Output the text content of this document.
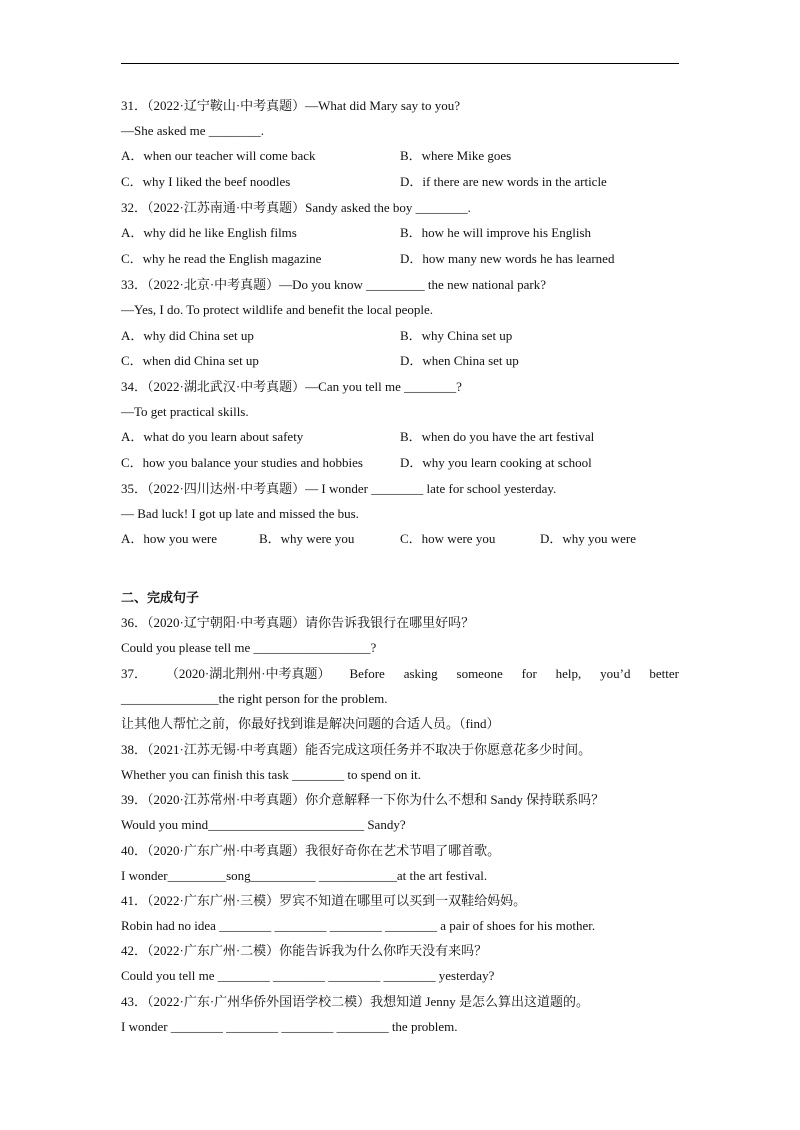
31．（2022·辽宁鞍山·中考真题）—What did Mary say to you?
—She asked me ________.
A．when our teacher will come back	B．where Mike goes
C．why I liked the beef noodles	D．if there are new words in the article
32．（2022·江苏南通·中考真题）Sandy asked the boy ________.
A．why did he like English films	B．how he will improve his English
C．why he read the English magazine	D．how many new words he has learned
33．（2022·北京·中考真题）—Do you know _________ the new national park?
—Yes, I do. To protect wildlife and benefit the local people.
A．why did China set up	B．why China set up
C．when did China set up	D．when China set up
34．（2022·湖北武汉·中考真题）—Can you tell me ________?
—To get practical skills.
A．what do you learn about safety	B．when do you have the art festival
C．how you balance your studies and hobbies	D．why you learn cooking at school
35．（2022·四川达州·中考真题）— I wonder ________ late for school yesterday.
— Bad luck! I got up late and missed the bus.
A．how you were	B．why were you	C．how were you	D．why you were
二、完成句子
36．（2020·辽宁朝阳·中考真题）请你告诉我银行在哪里好吗？
Could you please tell me __________________?
37． （2020·湖北荆州·中考真题） Before asking someone for help, you’d better
_______________the right person for the problem.
让其他人帮忙之前，你最好找到谁是解决问题的合适人员。（find）
38．（2021·江苏无锡·中考真题）能否完成这项任务并不取决于你愿意花多少时间。
Whether you can finish this task ________ to spend on it.
39．（2020·江苏常州·中考真题）你介意解释一下你为什么不想和 Sandy 保持联系吗？
Would you mind________________________ Sandy?
40．（2020·广东广州·中考真题）我很好奇你在艺术节唱了哪首歌。
I wonder_________song__________ ____________at the art festival.
41．（2022·广东广州·三模）罗宾不知道在哪里可以买到一双鞋给妈妈。
Robin had no idea ________ ________ ________ ________ a pair of shoes for his mother.
42．（2022·广东广州·二模）你能告诉我为什么你昨天没有来吗？
Could you tell me ________ ________ ________ ________ yesterday?
43．（2022·广东·广州华侨外国语学校二模）我想知道 Jenny 是怎么算出这道题的。
I wonder ________ ________ ________ ________ the problem.
